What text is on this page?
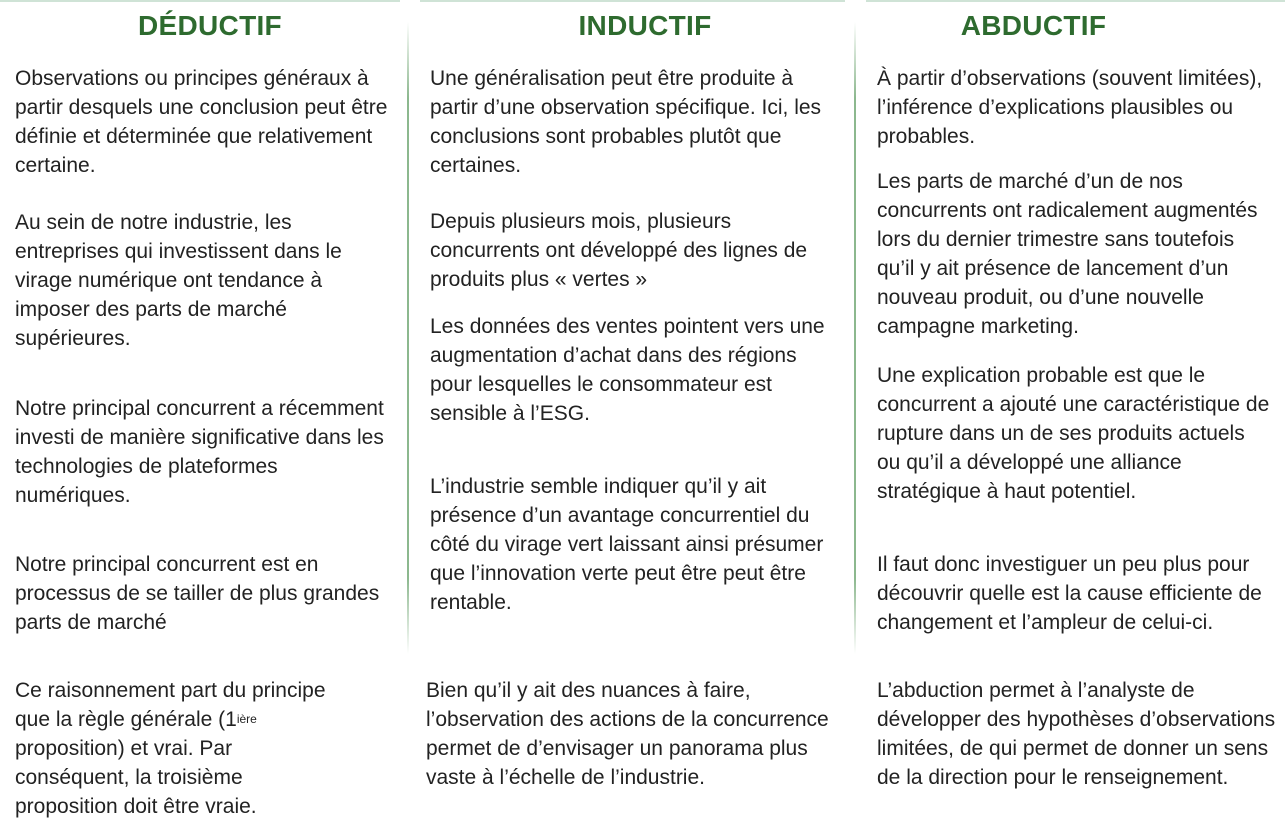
DÉDUCTIF
Observations ou principes généraux à partir desquels une conclusion peut être définie et déterminée que relativement certaine.
Au sein de notre industrie, les entreprises qui investissent dans le virage numérique ont tendance à imposer des parts de marché supérieures.
Notre principal concurrent a récemment investi de manière significative dans les technologies de plateformes numériques.
Notre principal concurrent est en processus de se tailler de plus grandes parts de marché
Ce raisonnement part du principe que la règle générale ($1^{ière}$ proposition) et vrai. Par conséquent, la troisième proposition doit être vraie.
INDUCTIF
Une généralisation peut être produite à partir d’une observation spécifique. Ici, les conclusions sont probables plutôt que certaines.
Depuis plusieurs mois, plusieurs concurrents ont développé des lignes de produits plus « vertes »
Les données des ventes pointent vers une augmentation d’achat dans des régions pour lesquelles le consommateur est sensible à l’ESG.
L’industrie semble indiquer qu’il y ait présence d’un avantage concurrentiel du côté du virage vert laissant ainsi présumer que l’innovation verte peut être peut être rentable.
Bien qu’il y ait des nuances à faire, l’observation des actions de la concurrence permet de d’envisager un panorama plus vaste à l’échelle de l’industrie.
ABDUCTIF
À partir d’observations (souvent limitées), l’inférence d’explications plausibles ou probables.
Les parts de marché d’un de nos concurrents ont radicalement augmentés lors du dernier trimestre sans toutefois qu’il y ait présence de lancement d’un nouveau produit, ou d’une nouvelle campagne marketing.
Une explication probable est que le concurrent a ajouté une caractéristique de rupture dans un de ses produits actuels ou qu’il a développé une alliance stratégique à haut potentiel.
Il faut donc investiguer un peu plus pour découvrir quelle est la cause efficiente de changement et l’ampleur de celui-ci.
L’abduction permet à l’analyste de développer des hypothèses d’observations limitées, de qui permet de donner un sens de la direction pour le renseignement.
